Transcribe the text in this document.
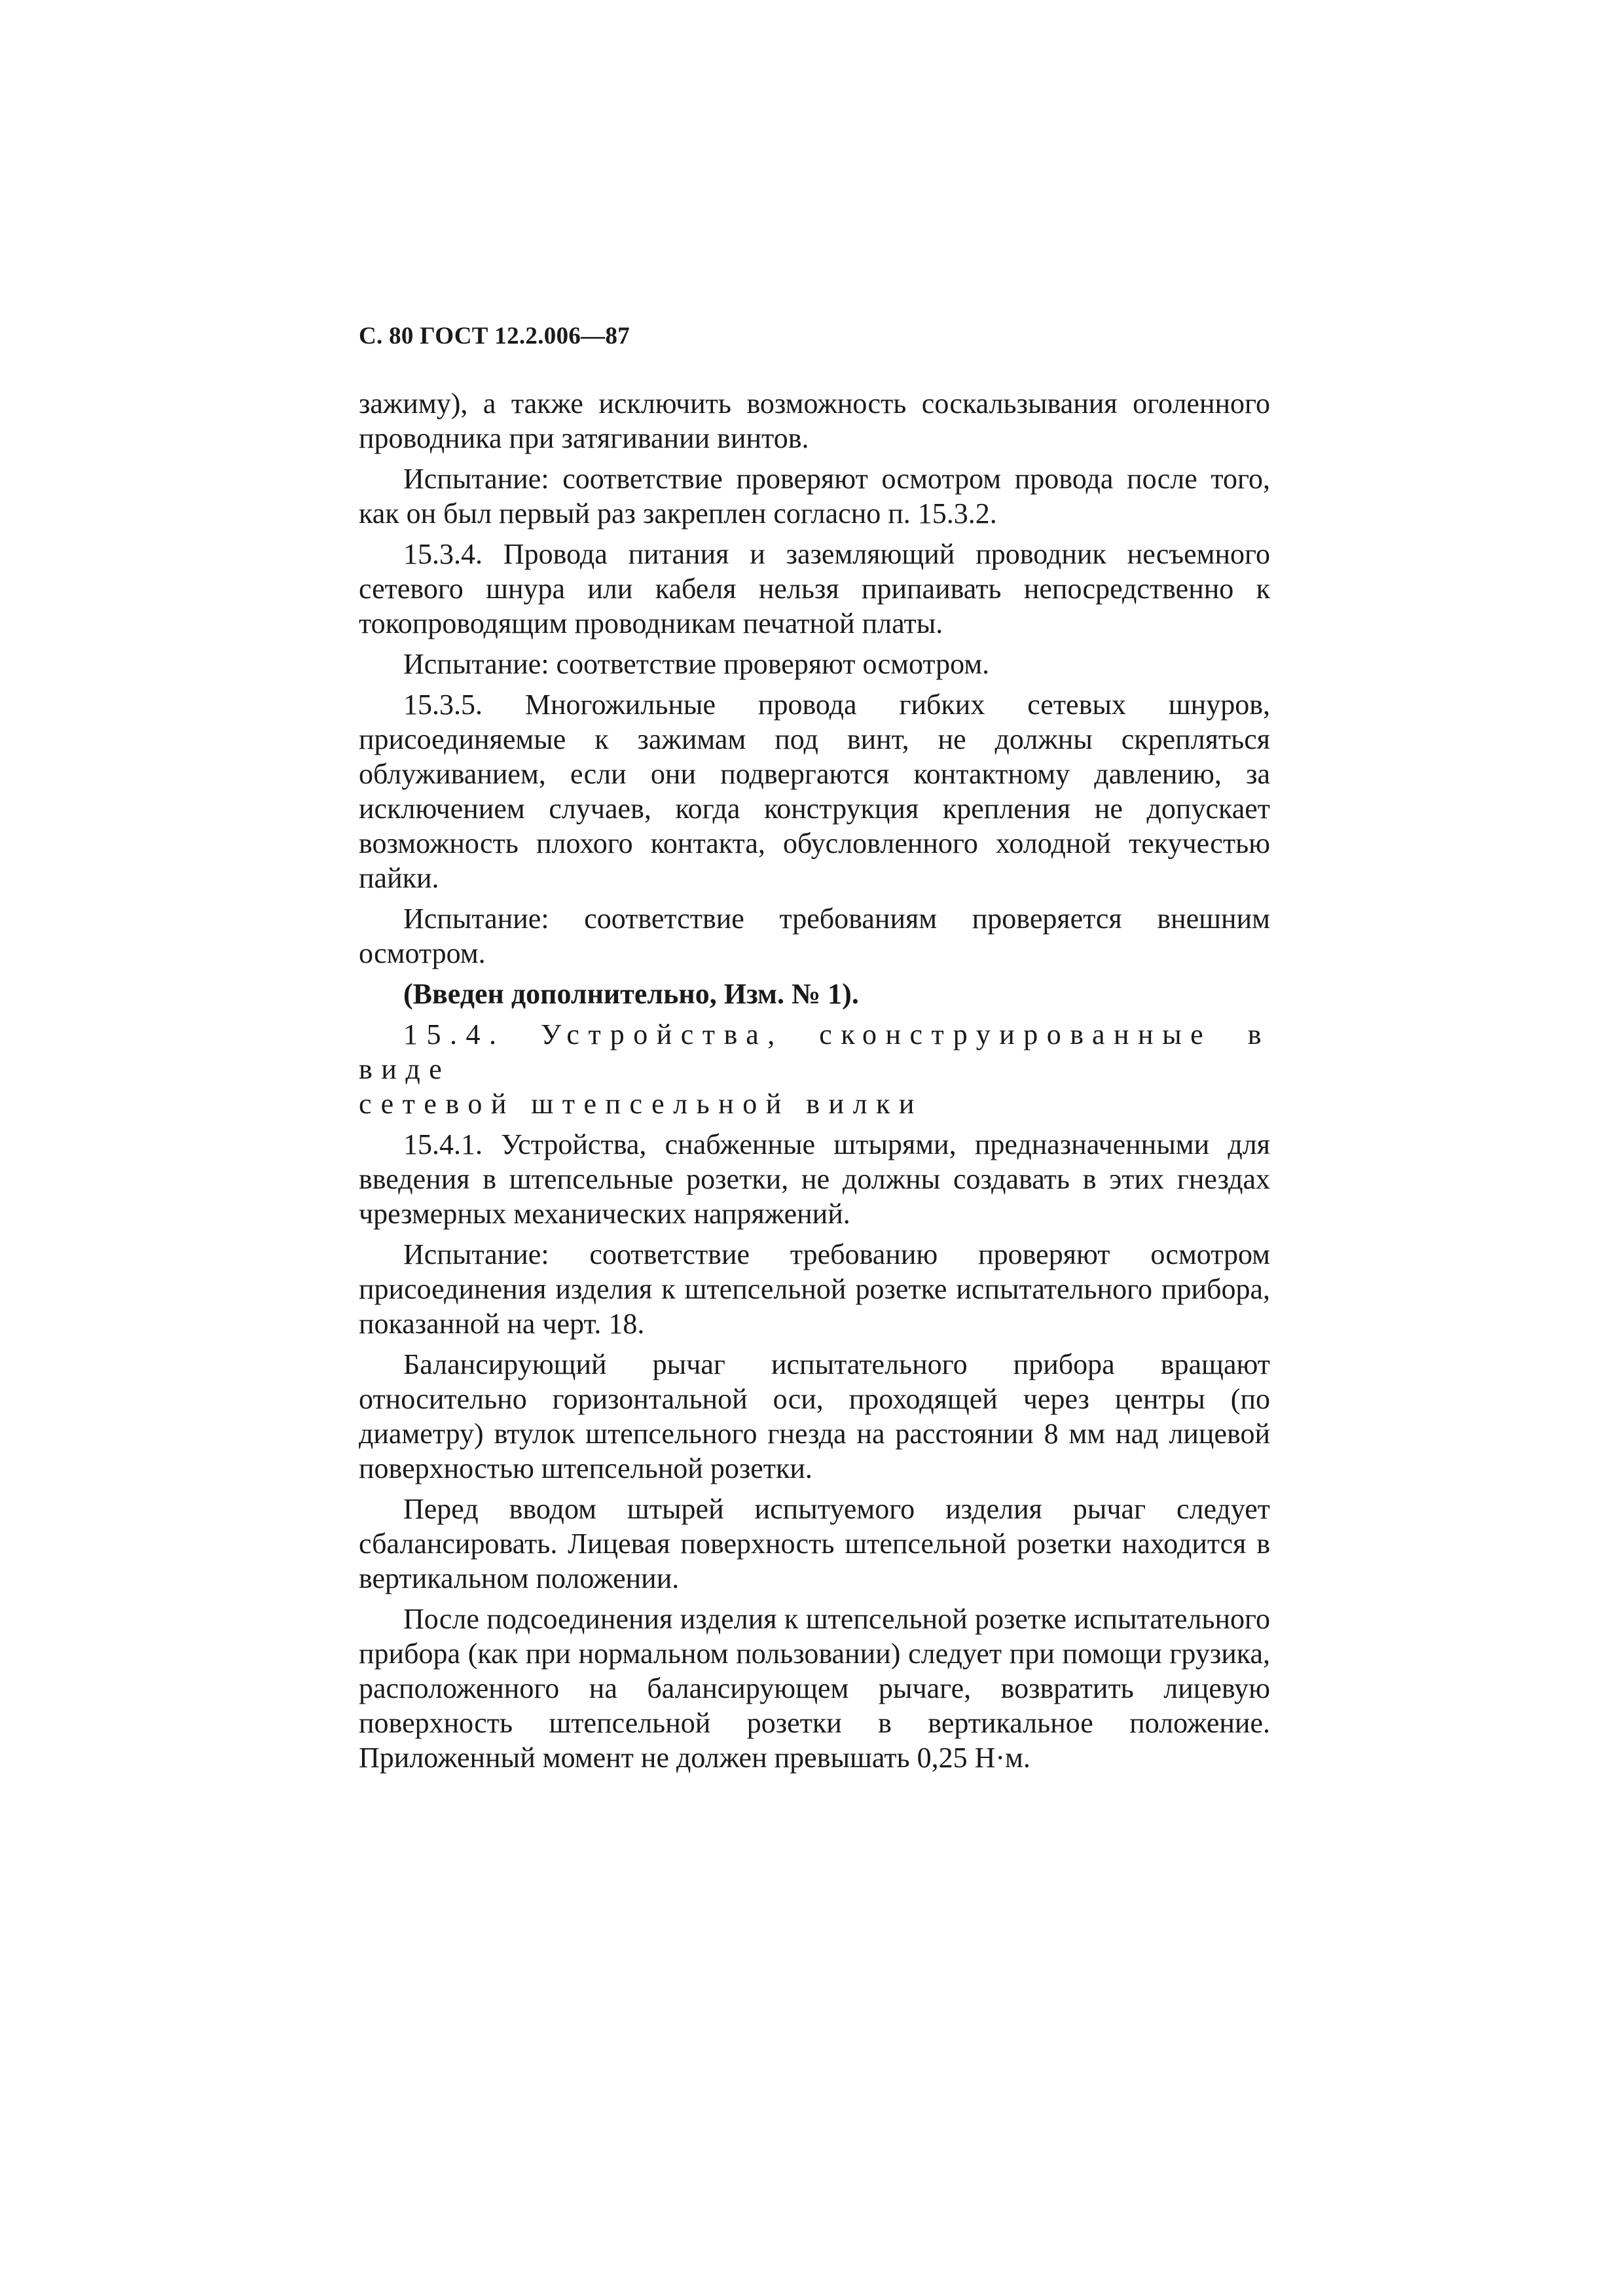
С. 80 ГОСТ 12.2.006—87

зажиму), а также исключить возможность соскальзывания оголенного проводника при затягивании винтов.

Испытание: соответствие проверяют осмотром провода после того, как он был первый раз закреплен согласно п. 15.3.2.

15.3.4. Провода питания и заземляющий проводник несъемного сетевого шнура или кабеля нельзя припаивать непосредственно к токопроводящим проводникам печатной платы.

Испытание: соответствие проверяют осмотром.

15.3.5. Многожильные провода гибких сетевых шнуров, присоединяемые к зажимам под винт, не должны скрепляться облуживанием, если они подвергаются контактному давлению, за исключением случаев, когда конструкция крепления не допускает возможность плохого контакта, обусловленного холодной текучестью пайки.

Испытание: соответствие требованиям проверяется внешним осмотром.

(Введен дополнительно, Изм. № 1).

15.4. Устройства, сконструированные в виде

сетевой штепсельной вилки

15.4.1. Устройства, снабженные штырями, предназначенными для введения в штепсельные розетки, не должны создавать в этих гнездах чрезмерных механических напряжений.

Испытание: соответствие требованию проверяют осмотром присоединения изделия к штепсельной розетке испытательного прибора, показанной на черт. 18.

Балансирующий рычаг испытательного прибора вращают относительно горизонтальной оси, проходящей через центры (по диаметру) втулок штепсельного гнезда на расстоянии 8 мм над лицевой поверхностью штепсельной розетки.

Перед вводом штырей испытуемого изделия рычаг следует сбалансировать. Лицевая поверхность штепсельной розетки находится в вертикальном положении.

После подсоединения изделия к штепсельной розетке испытательного прибора (как при нормальном пользовании) следует при помощи грузика, расположенного на балансирующем рычаге, возвратить лицевую поверхность штепсельной розетки в вертикальное положение. Приложенный момент не должен превышать 0,25 Н·м.
